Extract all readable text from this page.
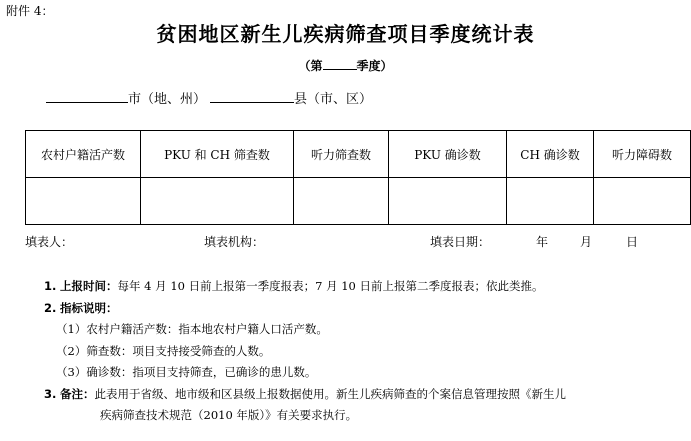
附件 4：
贫困地区新生儿疾病筛查项目季度统计表
（第	季度）
市（地、州）	县（市、区）
农村户籍活产数	PKU 和 CH 筛查数	听力筛查数	PKU 确诊数	CH 确诊数	听力障碍数

填表人：	填表机构：	填表日期：	年	月	日
1. 上报时间：每年 4 月 10 日前上报第一季度报表；7 月 10 日前上报第二季度报表；依此类推。
2. 指标说明：
（1）农村户籍活产数：指本地农村户籍人口活产数。
（2）筛查数：项目支持接受筛查的人数。
（3）确诊数：指项目支持筛查，已确诊的患儿数。
3. 备注：此表用于省级、地市级和区县级上报数据使用。新生儿疾病筛查的个案信息管理按照《新生儿
疾病筛查技术规范（2010 年版）》有关要求执行。
